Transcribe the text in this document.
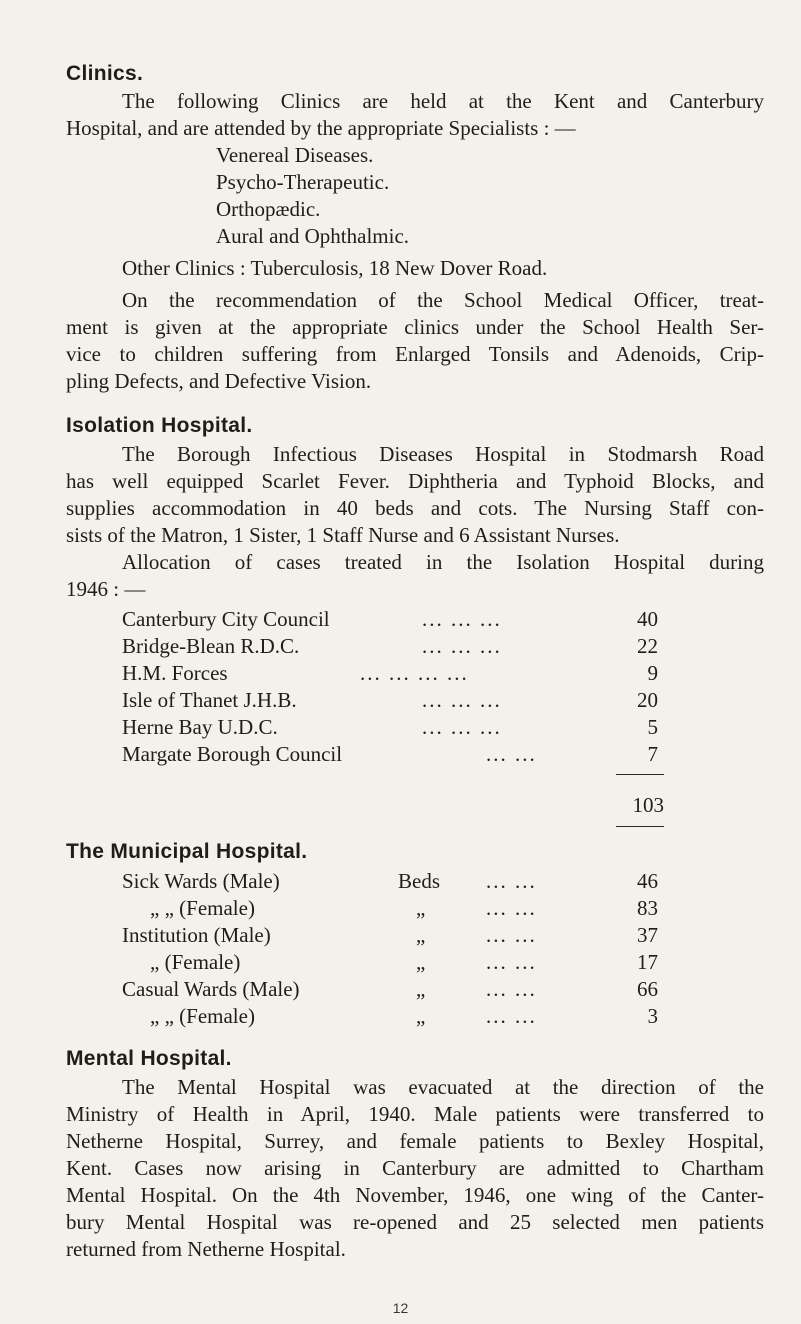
Clinics.
The following Clinics are held at the Kent and Canterbury
Hospital, and are attended by the appropriate Specialists : —
Venereal Diseases.
Psycho-Therapeutic.
Orthopædic.
Aural and Ophthalmic.
Other Clinics : Tuberculosis, 18 New Dover Road.
On the recommendation of the School Medical Officer, treat-
ment is given at the appropriate clinics under the School Health Ser-
vice to children suffering from Enlarged Tonsils and Adenoids, Crip-
pling Defects, and Defective Vision.
Isolation Hospital.
The Borough Infectious Diseases Hospital in Stodmarsh Road
has well equipped Scarlet Fever. Diphtheria and Typhoid Blocks, and
supplies accommodation in 40 beds and cots. The Nursing Staff con-
sists of the Matron, 1 Sister, 1 Staff Nurse and 6 Assistant Nurses.
Allocation of cases treated in the Isolation Hospital during
1946 : —
Canterbury City Council	... ... ...	40
Bridge-Blean R.D.C.	... ... ...	22
H.M. Forces	... ... ... ...	9
Isle of Thanet J.H.B.	... ... ...	20
Herne Bay U.D.C.	... ... ...	5
Margate Borough Council	... ...	7
103
The Municipal Hospital.
Sick Wards (Male)	Beds ... ...	46
„ „ (Female)	„	... ...	83
Institution (Male)	„	... ...	37
„ (Female)	„	... ...	17
Casual Wards (Male)	„	... ...	66
„ „ (Female)	„	... ...	3
Mental Hospital.
The Mental Hospital was evacuated at the direction of the
Ministry of Health in April, 1940. Male patients were transferred to
Netherne Hospital, Surrey, and female patients to Bexley Hospital,
Kent. Cases now arising in Canterbury are admitted to Chartham
Mental Hospital. On the 4th November, 1946, one wing of the Canter-
bury Mental Hospital was re-opened and 25 selected men patients
returned from Netherne Hospital.
12
